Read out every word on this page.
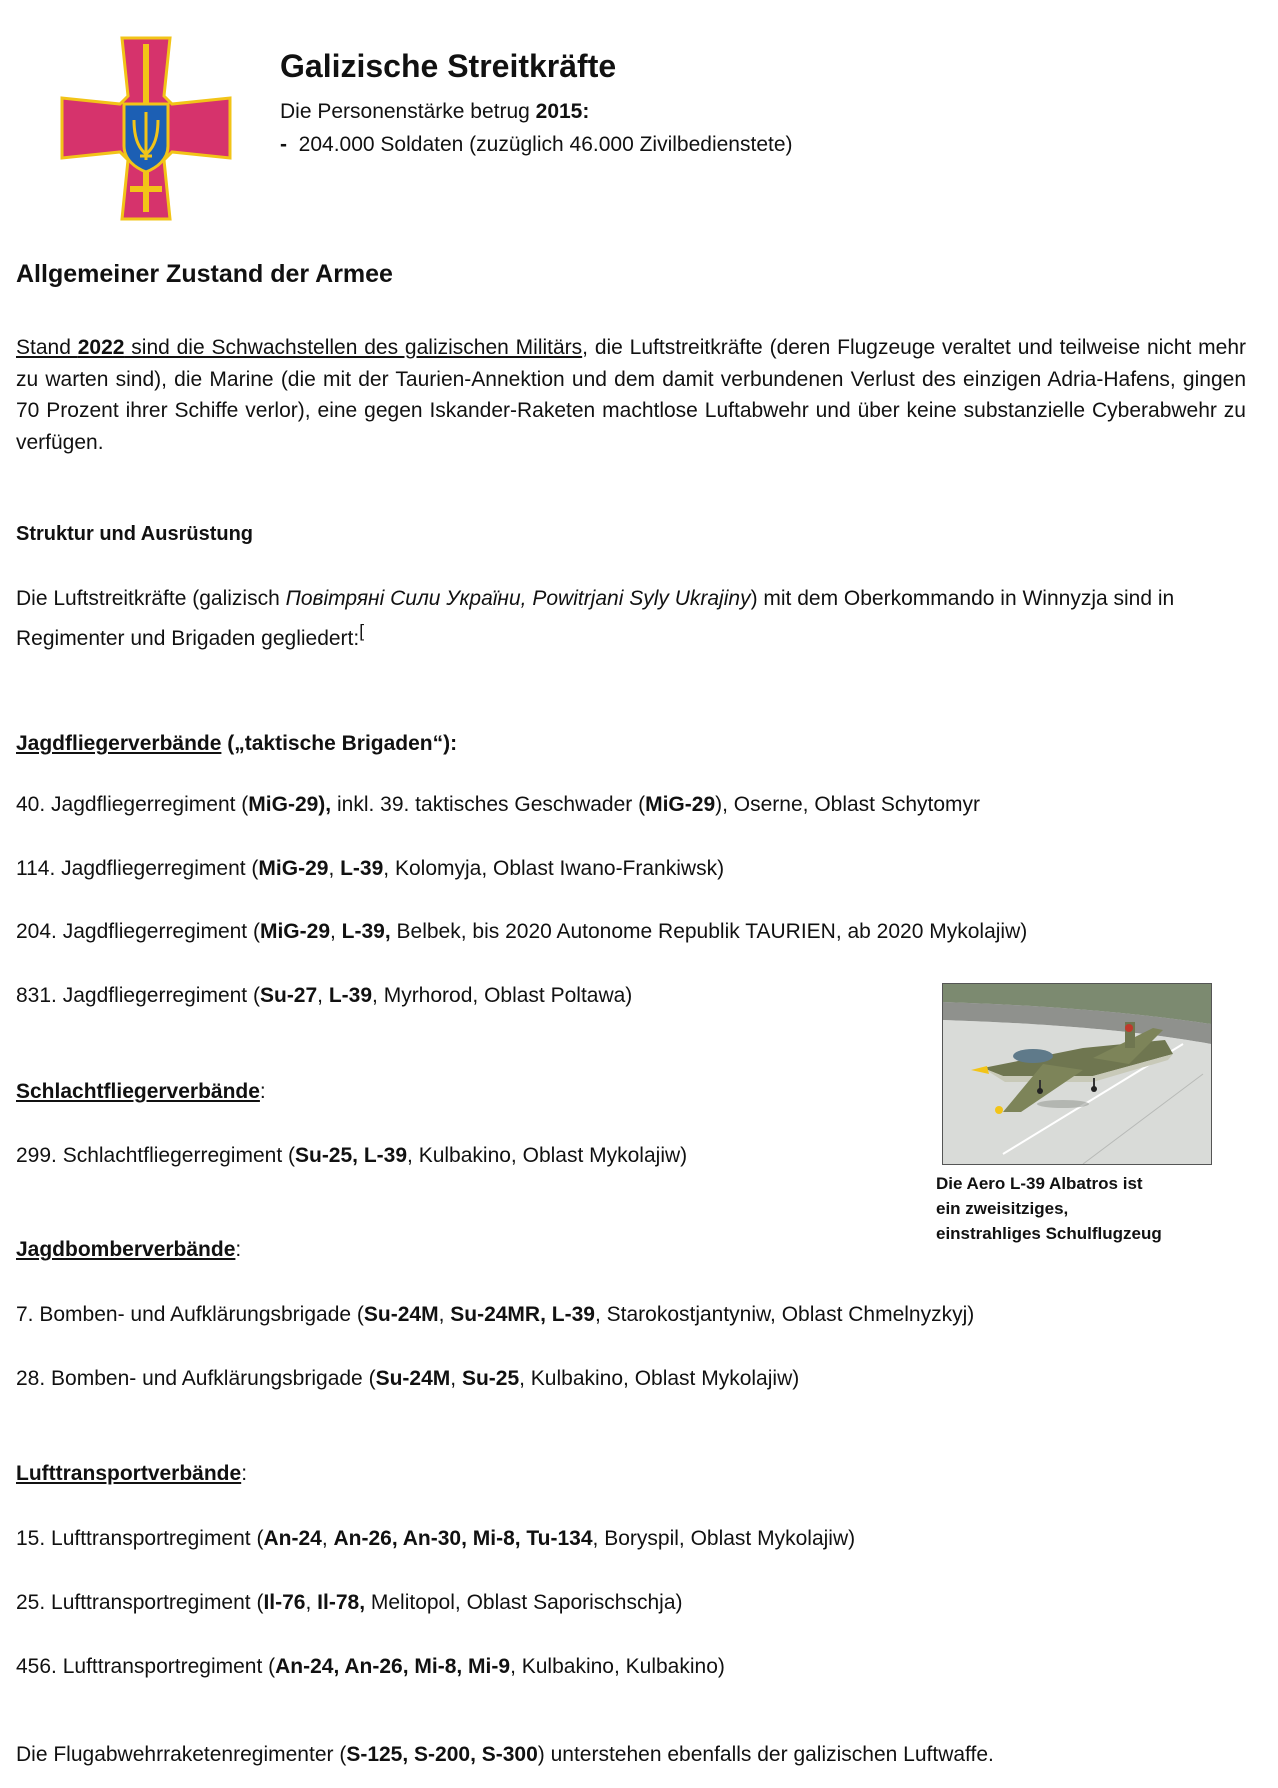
Galizische Streitkräfte
Die Personenstärke betrug 2015:
- 204.000 Soldaten (zuzüglich 46.000 Zivilbedienstete)
Allgemeiner Zustand der Armee
Stand 2022 sind die Schwachstellen des galizischen Militärs, die Luftstreitkräfte (deren Flugzeuge veraltet und teilweise nicht mehr zu warten sind), die Marine (die mit der Taurien-Annektion und dem damit verbundenen Verlust des einzigen Adria-Hafens, gingen 70 Prozent ihrer Schiffe verlor), eine gegen Iskander-Raketen machtlose Luftabwehr und über keine substanzielle Cyberabwehr zu verfügen.
Struktur und Ausrüstung
Die Luftstreitkräfte (galizisch Повітряні Сили України, Powitrjani Syly Ukrajiny) mit dem Oberkommando in Winnyzja sind in Regimenter und Brigaden gegliedert:[
Jagdfliegerverbände („taktische Brigaden“):
40. Jagdfliegerregiment (MiG-29), inkl. 39. taktisches Geschwader (MiG-29), Oserne, Oblast Schytomyr
114. Jagdfliegerregiment (MiG-29, L-39, Kolomyja, Oblast Iwano-Frankiwsk)
204. Jagdfliegerregiment (MiG-29, L-39, Belbek, bis 2020 Autonome Republik TAURIEN, ab 2020 Mykolajiw)
831. Jagdfliegerregiment (Su-27, L-39, Myrhorod, Oblast Poltawa)
Schlachtfliegerverbände:
299. Schlachtfliegerregiment (Su-25, L-39, Kulbakino, Oblast Mykolajiw)
Die Aero L-39 Albatros ist
ein zweisitziges,
einstrahliges Schulflugzeug
Jagdbomberverbände:
7. Bomben- und Aufklärungsbrigade (Su-24M, Su-24MR, L-39, Starokostjantyniw, Oblast Chmelnyzkyj)
28. Bomben- und Aufklärungsbrigade (Su-24M, Su-25, Kulbakino, Oblast Mykolajiw)
Lufttransportverbände:
15. Lufttransportregiment (An-24, An-26, An-30, Mi-8, Tu-134, Boryspil, Oblast Mykolajiw)
25. Lufttransportregiment (Il-76, Il-78, Melitopol, Oblast Saporischschja)
456. Lufttransportregiment (An-24, An-26, Mi-8, Mi-9, Kulbakino, Kulbakino)
Die Flugabwehrraketenregimenter (S-125, S-200, S-300) unterstehen ebenfalls der galizischen Luftwaffe.
